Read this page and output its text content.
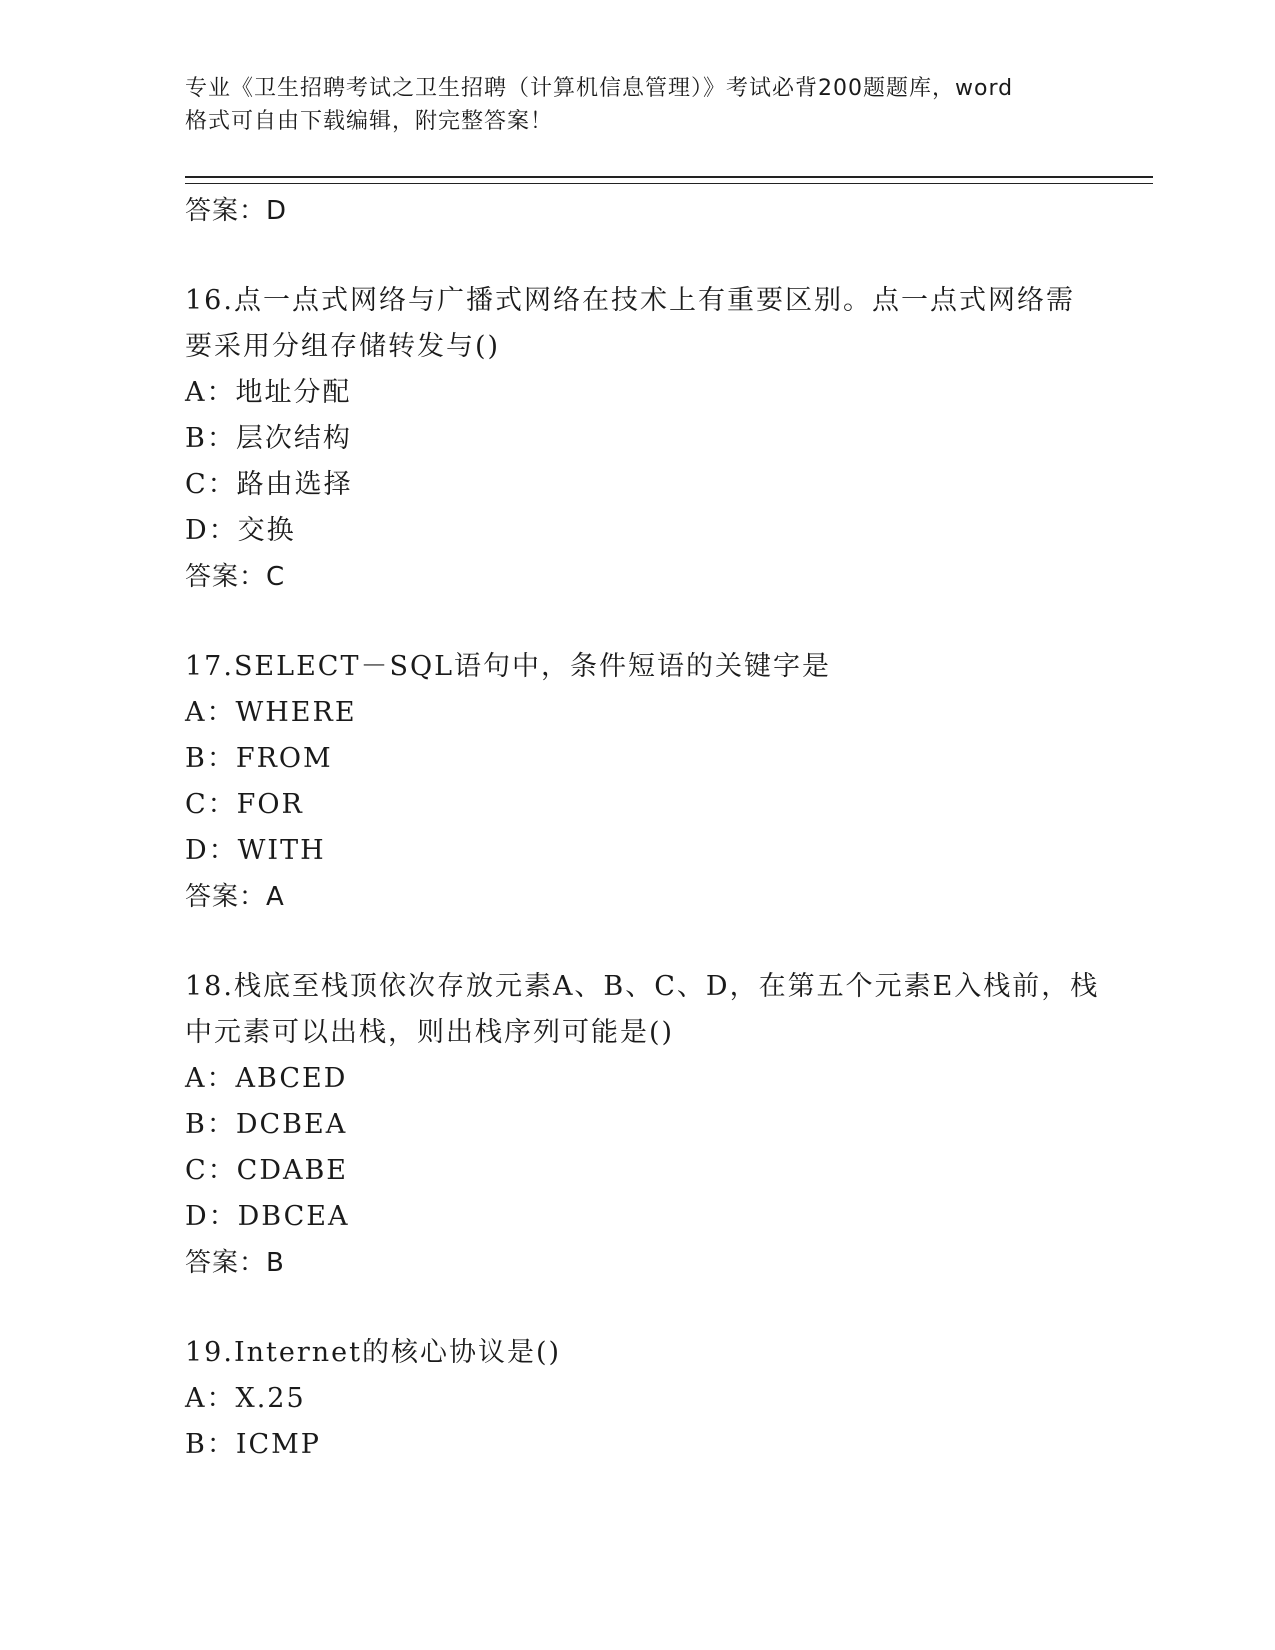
专业《卫生招聘考试之卫生招聘（计算机信息管理）》考试必背200题题库，word
格式可自由下载编辑，附完整答案！
答案：D
16.点一点式网络与广播式网络在技术上有重要区别。点一点式网络需
要采用分组存储转发与()
A：地址分配
B：层次结构
C：路由选择
D：交换
答案：C
17.SELECT－SQL语句中，条件短语的关键字是
A：WHERE
B：FROM
C：FOR
D：WITH
答案：A
18.栈底至栈顶依次存放元素A、B、C、D，在第五个元素E入栈前，栈
中元素可以出栈，则出栈序列可能是()
A：ABCED
B：DCBEA
C：CDABE
D：DBCEA
答案：B
19.Internet的核心协议是()
A：X.25
B：ICMP
